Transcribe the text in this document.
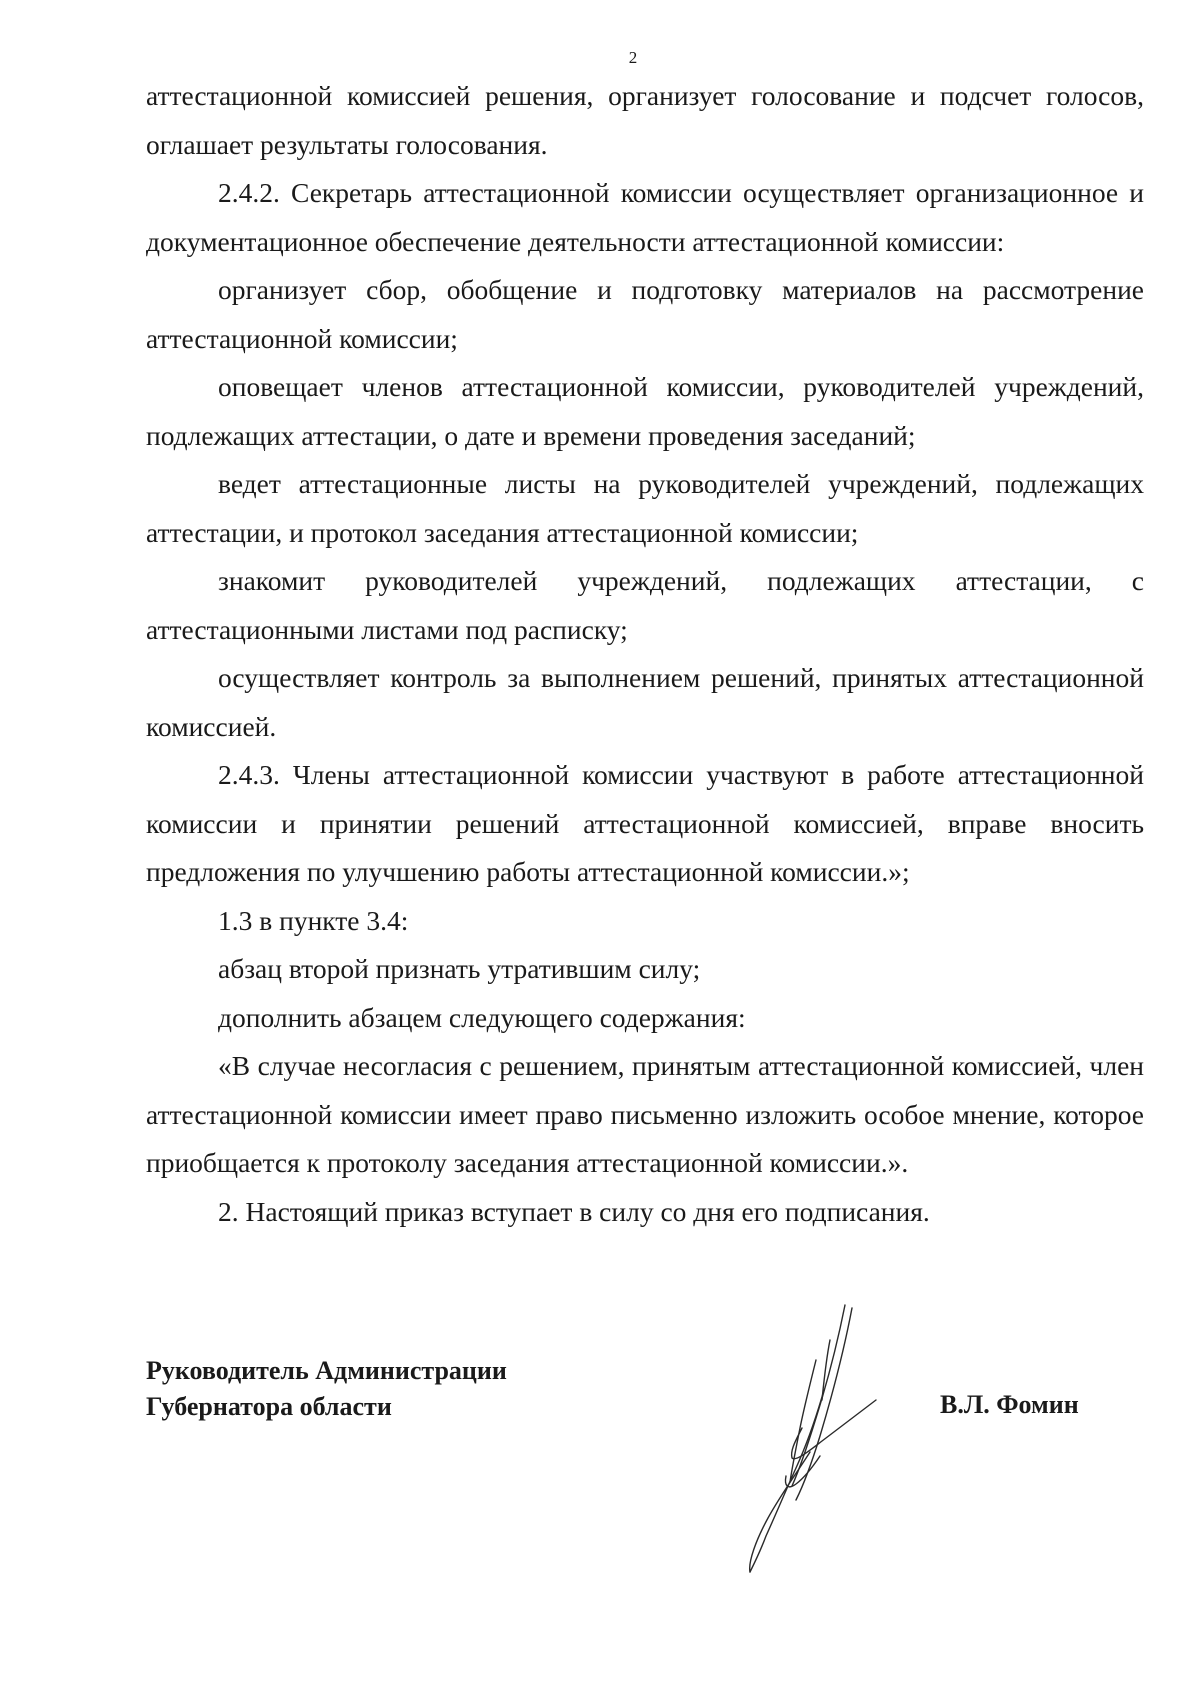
2

аттестационной комиссией решения, организует голосование и подсчет голосов, оглашает результаты голосования.

2.4.2. Секретарь аттестационной комиссии осуществляет организационное и документационное обеспечение деятельности аттестационной комиссии:

организует сбор, обобщение и подготовку материалов на рассмотрение аттестационной комиссии;

оповещает членов аттестационной комиссии, руководителей учреждений, подлежащих аттестации, о дате и времени проведения заседаний;

ведет аттестационные листы на руководителей учреждений, подлежащих аттестации, и протокол заседания аттестационной комиссии;

знакомит руководителей учреждений, подлежащих аттестации, с аттестационными листами под расписку;

осуществляет контроль за выполнением решений, принятых аттестационной комиссией.

2.4.3. Члены аттестационной комиссии участвуют в работе аттестационной комиссии и принятии решений аттестационной комиссией, вправе вносить предложения по улучшению работы аттестационной комиссии.»;

1.3 в пункте 3.4:

абзац второй признать утратившим силу;

дополнить абзацем следующего содержания:

«В случае несогласия с решением, принятым аттестационной комиссией, член аттестационной комиссии имеет право письменно изложить особое мнение, которое приобщается к протоколу заседания аттестационной комиссии.».

2. Настоящий приказ вступает в силу со дня его подписания.

Руководитель Администрации
Губернатора области	В.Л. Фомин
